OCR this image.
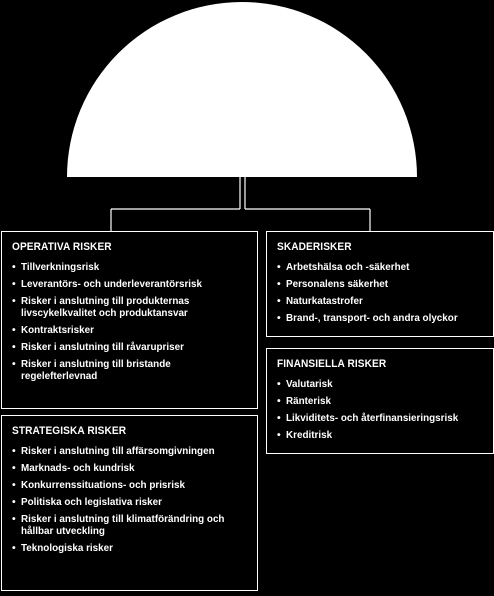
OPERATIVA RISKER
• Tillverkningsrisk
• Leverantörs- och underleverantörsrisk
• Risker i anslutning till produkternas livscykelkvalitet och produktansvar
• Kontraktsrisker
• Risker i anslutning till råvarupriser
• Risker i anslutning till bristande regelefterlevnad
STRATEGISKA RISKER
• Risker i anslutning till affärsomgivningen
• Marknads- och kundrisk
• Konkurrenssituations- och prisrisk
• Politiska och legislativa risker
• Risker i anslutning till klimatförändring och hållbar utveckling
• Teknologiska risker
SKADERISKER
• Arbetshälsa och -säkerhet
• Personalens säkerhet
• Naturkatastrofer
• Brand-, transport- och andra olyckor
FINANSIELLA RISKER
• Valutarisk
• Ränterisk
• Likviditets- och återfinansieringsrisk
• Kreditrisk
